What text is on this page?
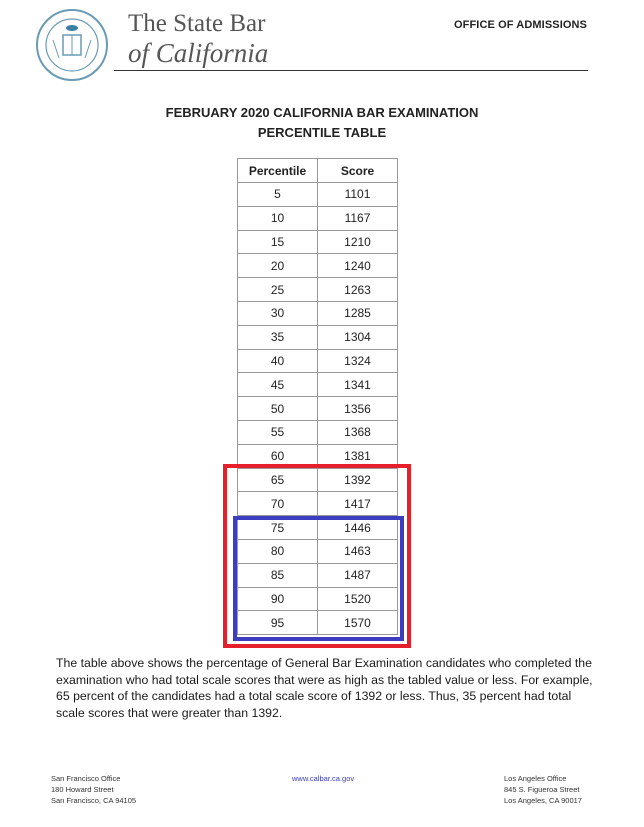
The State Bar
of California
OFFICE OF ADMISSIONS
FEBRUARY 2020 CALIFORNIA BAR EXAMINATION
PERCENTILE TABLE
Percentile	Score
5	1101
10	1167
15	1210
20	1240
25	1263
30	1285
35	1304
40	1324
45	1341
50	1356
55	1368
60	1381
65	1392
70	1417
75	1446
80	1463
85	1487
90	1520
95	1570
The table above shows the percentage of General Bar Examination candidates who completed the examination who had total scale scores that were as high as the tabled value or less. For example, 65 percent of the candidates had a total scale score of 1392 or less. Thus, 35 percent had total scale scores that were greater than 1392.
San Francisco Office
180 Howard Street
San Francisco, CA 94105
www.calbar.ca.gov	Los Angeles Office
845 S. Figueroa Street
Los Angeles, CA 90017
